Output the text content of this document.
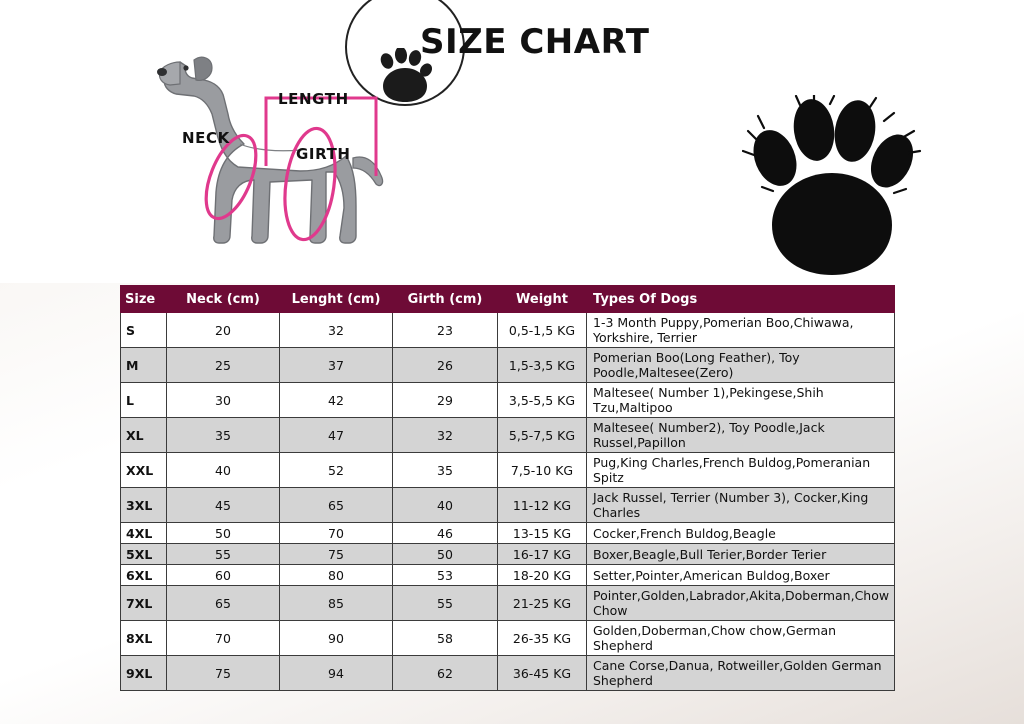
SIZE CHART
LENGTH
NECK
GIRTH
Size	Neck (cm)	Lenght (cm)	Girth (cm)	Weight	Types Of Dogs
S	20	32	23	0,5-1,5 KG	1-3 Month Puppy,Pomerian Boo,Chiwawa, Yorkshire, Terrier
M	25	37	26	1,5-3,5 KG	Pomerian Boo(Long Feather), Toy Poodle,Maltesee(Zero)
L	30	42	29	3,5-5,5 KG	Maltesee( Number 1),Pekingese,Shih Tzu,Maltipoo
XL	35	47	32	5,5-7,5 KG	Maltesee( Number2), Toy Poodle,Jack Russel,Papillon
XXL	40	52	35	7,5-10 KG	Pug,King Charles,French Buldog,Pomeranian Spitz
3XL	45	65	40	11-12 KG	Jack Russel, Terrier (Number 3), Cocker,King Charles
4XL	50	70	46	13-15 KG	Cocker,French Buldog,Beagle
5XL	55	75	50	16-17 KG	Boxer,Beagle,Bull Terier,Border Terier
6XL	60	80	53	18-20 KG	Setter,Pointer,American Buldog,Boxer
7XL	65	85	55	21-25 KG	Pointer,Golden,Labrador,Akita,Doberman,Chow Chow
8XL	70	90	58	26-35 KG	Golden,Doberman,Chow chow,German Shepherd
9XL	75	94	62	36-45 KG	Cane Corse,Danua, Rotweiller,Golden German Shepherd
